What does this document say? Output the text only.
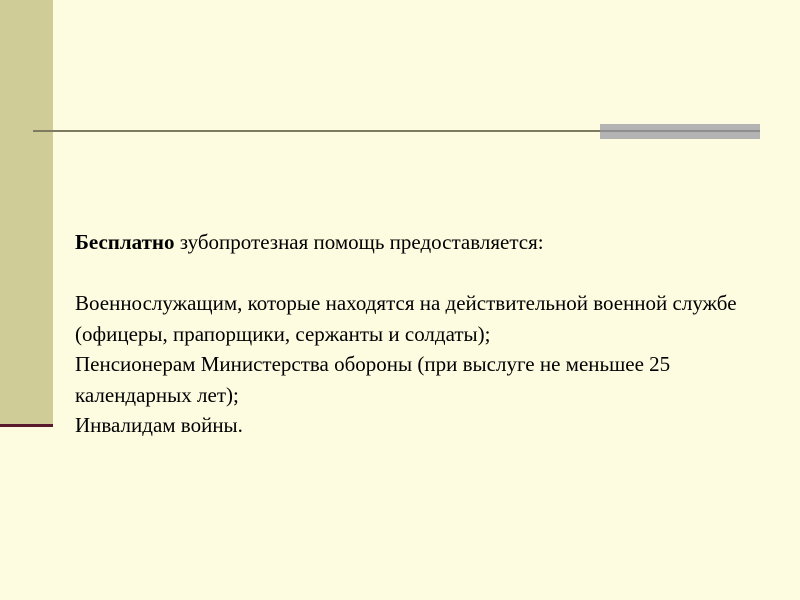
Бесплатно зубопротезная помощь предоставляется:

Военнослужащим, которые находятся на действительной военной службе (офицеры, прапорщики, сержанты и солдаты);

Пенсионерам Министерства обороны (при выслуге не меньшее 25 календарных лет);

Инвалидам войны.
